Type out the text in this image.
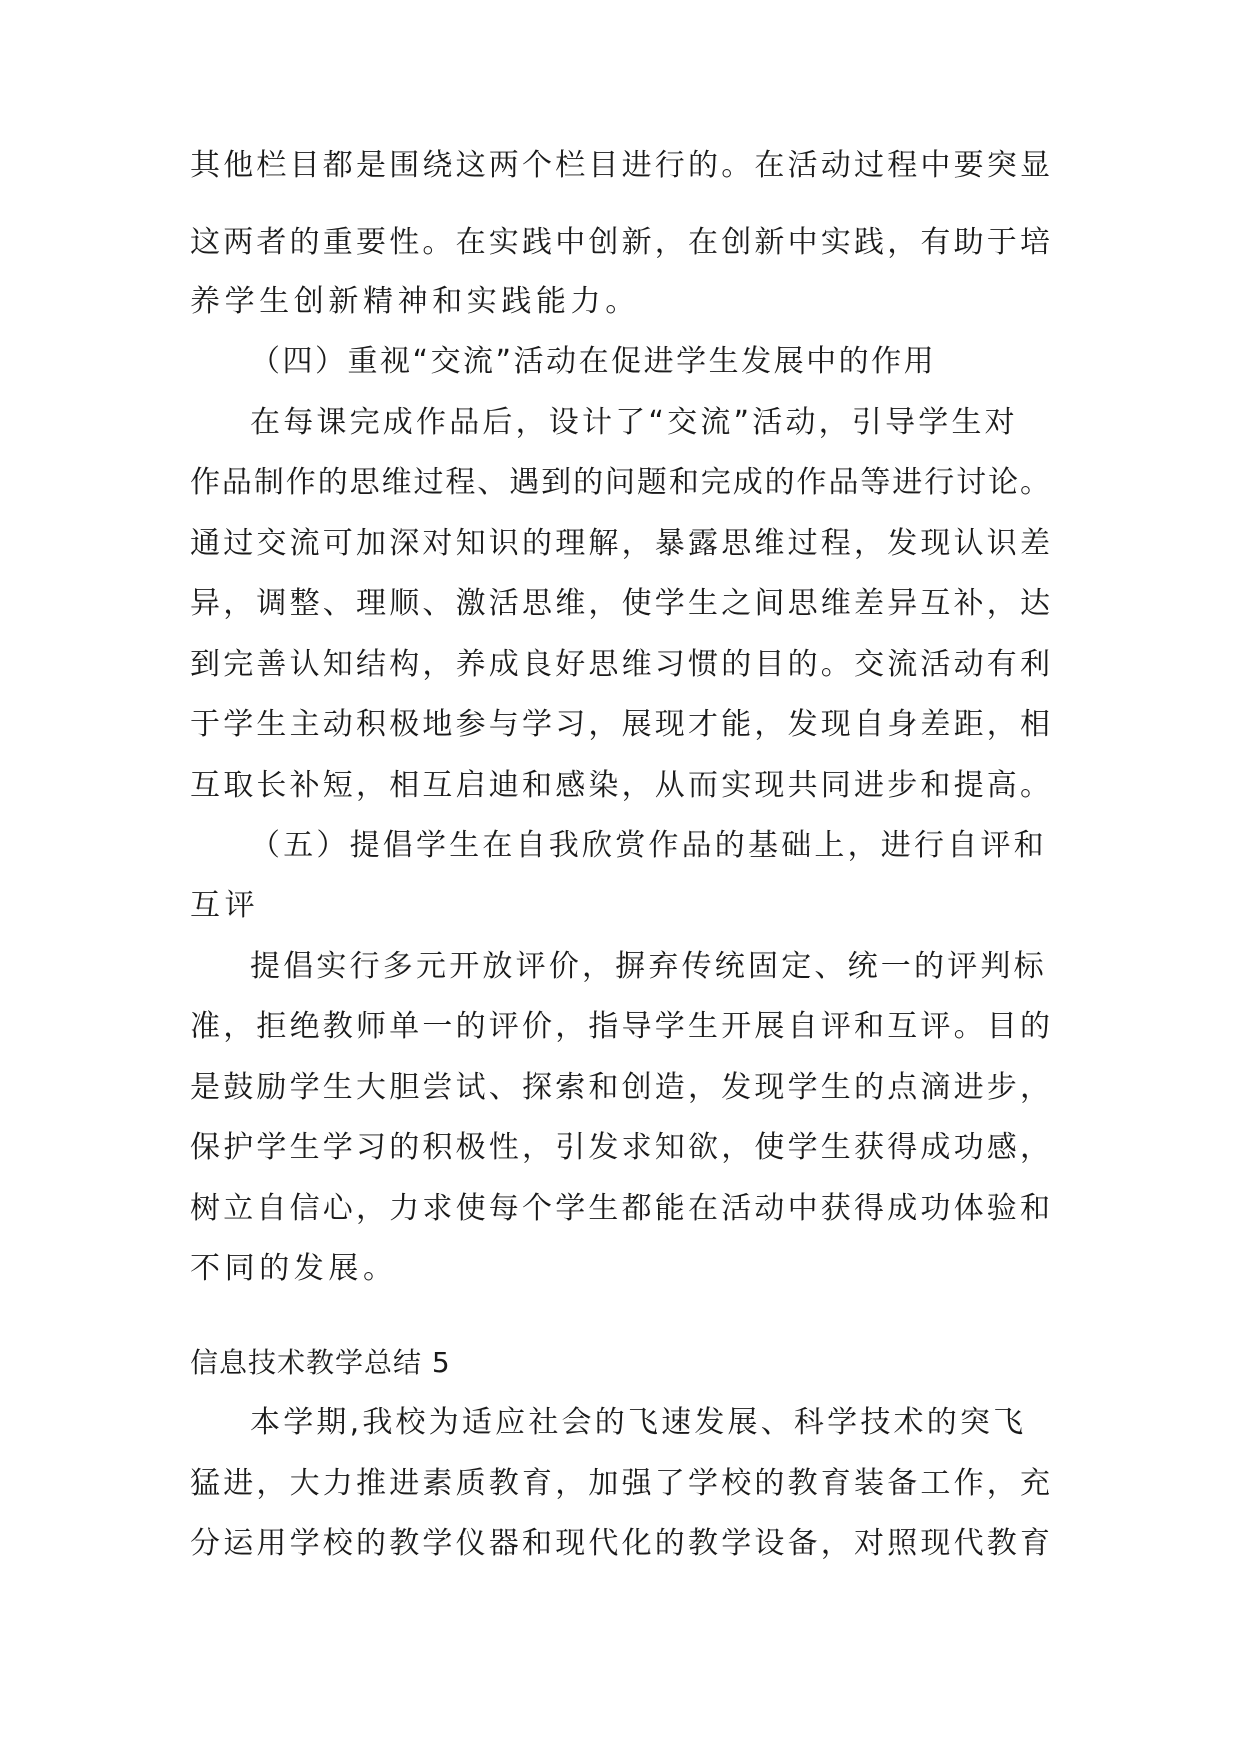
其他栏目都是围绕这两个栏目进行的。在活动过程中要突显
这两者的重要性。在实践中创新，在创新中实践，有助于培
养学生创新精神和实践能力。
（四）重视“交流”活动在促进学生发展中的作用
在每课完成作品后，设计了“交流”活动，引导学生对
作品制作的思维过程、遇到的问题和完成的作品等进行讨论。
通过交流可加深对知识的理解，暴露思维过程，发现认识差
异，调整、理顺、激活思维，使学生之间思维差异互补，达
到完善认知结构，养成良好思维习惯的目的。交流活动有利
于学生主动积极地参与学习，展现才能，发现自身差距，相
互取长补短，相互启迪和感染，从而实现共同进步和提高。
（五）提倡学生在自我欣赏作品的基础上，进行自评和
互评
提倡实行多元开放评价，摒弃传统固定、统一的评判标
准，拒绝教师单一的评价，指导学生开展自评和互评。目的
是鼓励学生大胆尝试、探索和创造，发现学生的点滴进步，
保护学生学习的积极性，引发求知欲，使学生获得成功感，
树立自信心，力求使每个学生都能在活动中获得成功体验和
不同的发展。
信息技术教学总结 5
本学期,我校为适应社会的飞速发展、科学技术的突飞
猛进，大力推进素质教育，加强了学校的教育装备工作，充
分运用学校的教学仪器和现代化的教学设备，对照现代教育
